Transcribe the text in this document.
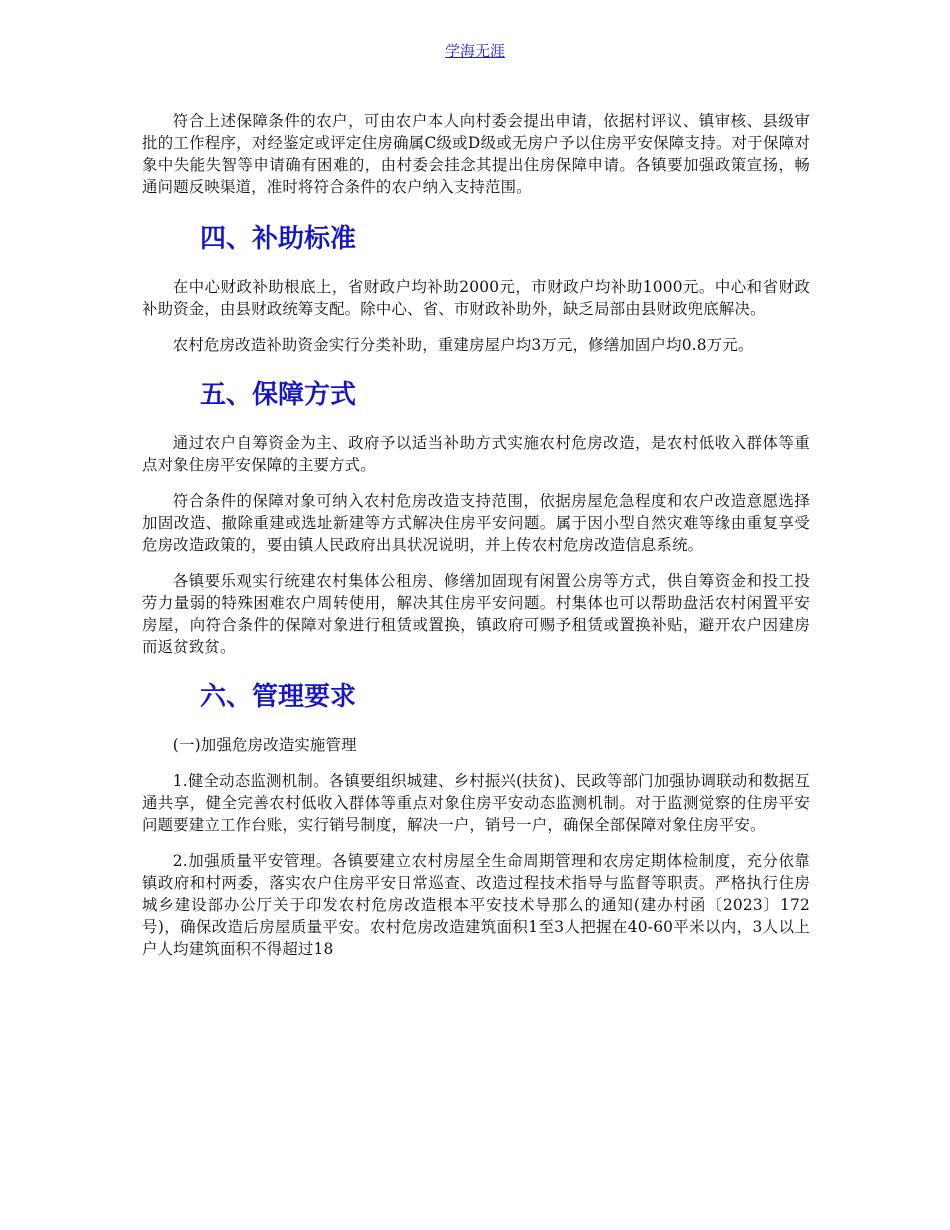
学海无涯

符合上述保障条件的农户，可由农户本人向村委会提出申请，依据村评议、镇审核、县级审批的工作程序，对经鉴定或评定住房确属C级或D级或无房户予以住房平安保障支持。对于保障对象中失能失智等申请确有困难的，由村委会挂念其提出住房保障申请。各镇要加强政策宣扬，畅通问题反映渠道，准时将符合条件的农户纳入支持范围。

四、补助标准

在中心财政补助根底上，省财政户均补助2000元，市财政户均补助1000元。中心和省财政补助资金，由县财政统筹支配。除中心、省、市财政补助外，缺乏局部由县财政兜底解决。

农村危房改造补助资金实行分类补助，重建房屋户均3万元，修缮加固户均0.8万元。

五、保障方式

通过农户自筹资金为主、政府予以适当补助方式实施农村危房改造，是农村低收入群体等重点对象住房平安保障的主要方式。

符合条件的保障对象可纳入农村危房改造支持范围，依据房屋危急程度和农户改造意愿选择加固改造、撤除重建或选址新建等方式解决住房平安问题。属于因小型自然灾难等缘由重复享受危房改造政策的，要由镇人民政府出具状况说明，并上传农村危房改造信息系统。

各镇要乐观实行统建农村集体公租房、修缮加固现有闲置公房等方式，供自筹资金和投工投劳力量弱的特殊困难农户周转使用，解决其住房平安问题。村集体也可以帮助盘活农村闲置平安房屋，向符合条件的保障对象进行租赁或置换，镇政府可赐予租赁或置换补贴，避开农户因建房而返贫致贫。

六、管理要求

(一)加强危房改造实施管理

1.健全动态监测机制。各镇要组织城建、乡村振兴(扶贫)、民政等部门加强协调联动和数据互通共享，健全完善农村低收入群体等重点对象住房平安动态监测机制。对于监测觉察的住房平安问题要建立工作台账，实行销号制度，解决一户，销号一户，确保全部保障对象住房平安。

2.加强质量平安管理。各镇要建立农村房屋全生命周期管理和农房定期体检制度，充分依靠镇政府和村两委，落实农户住房平安日常巡查、改造过程技术指导与监督等职责。严格执行住房城乡建设部办公厅关于印发农村危房改造根本平安技术导那么的通知(建办村函〔2023〕172号)，确保改造后房屋质量平安。农村危房改造建筑面积1至3人把握在40-60平米以内，3人以上户人均建筑面积不得超过18
